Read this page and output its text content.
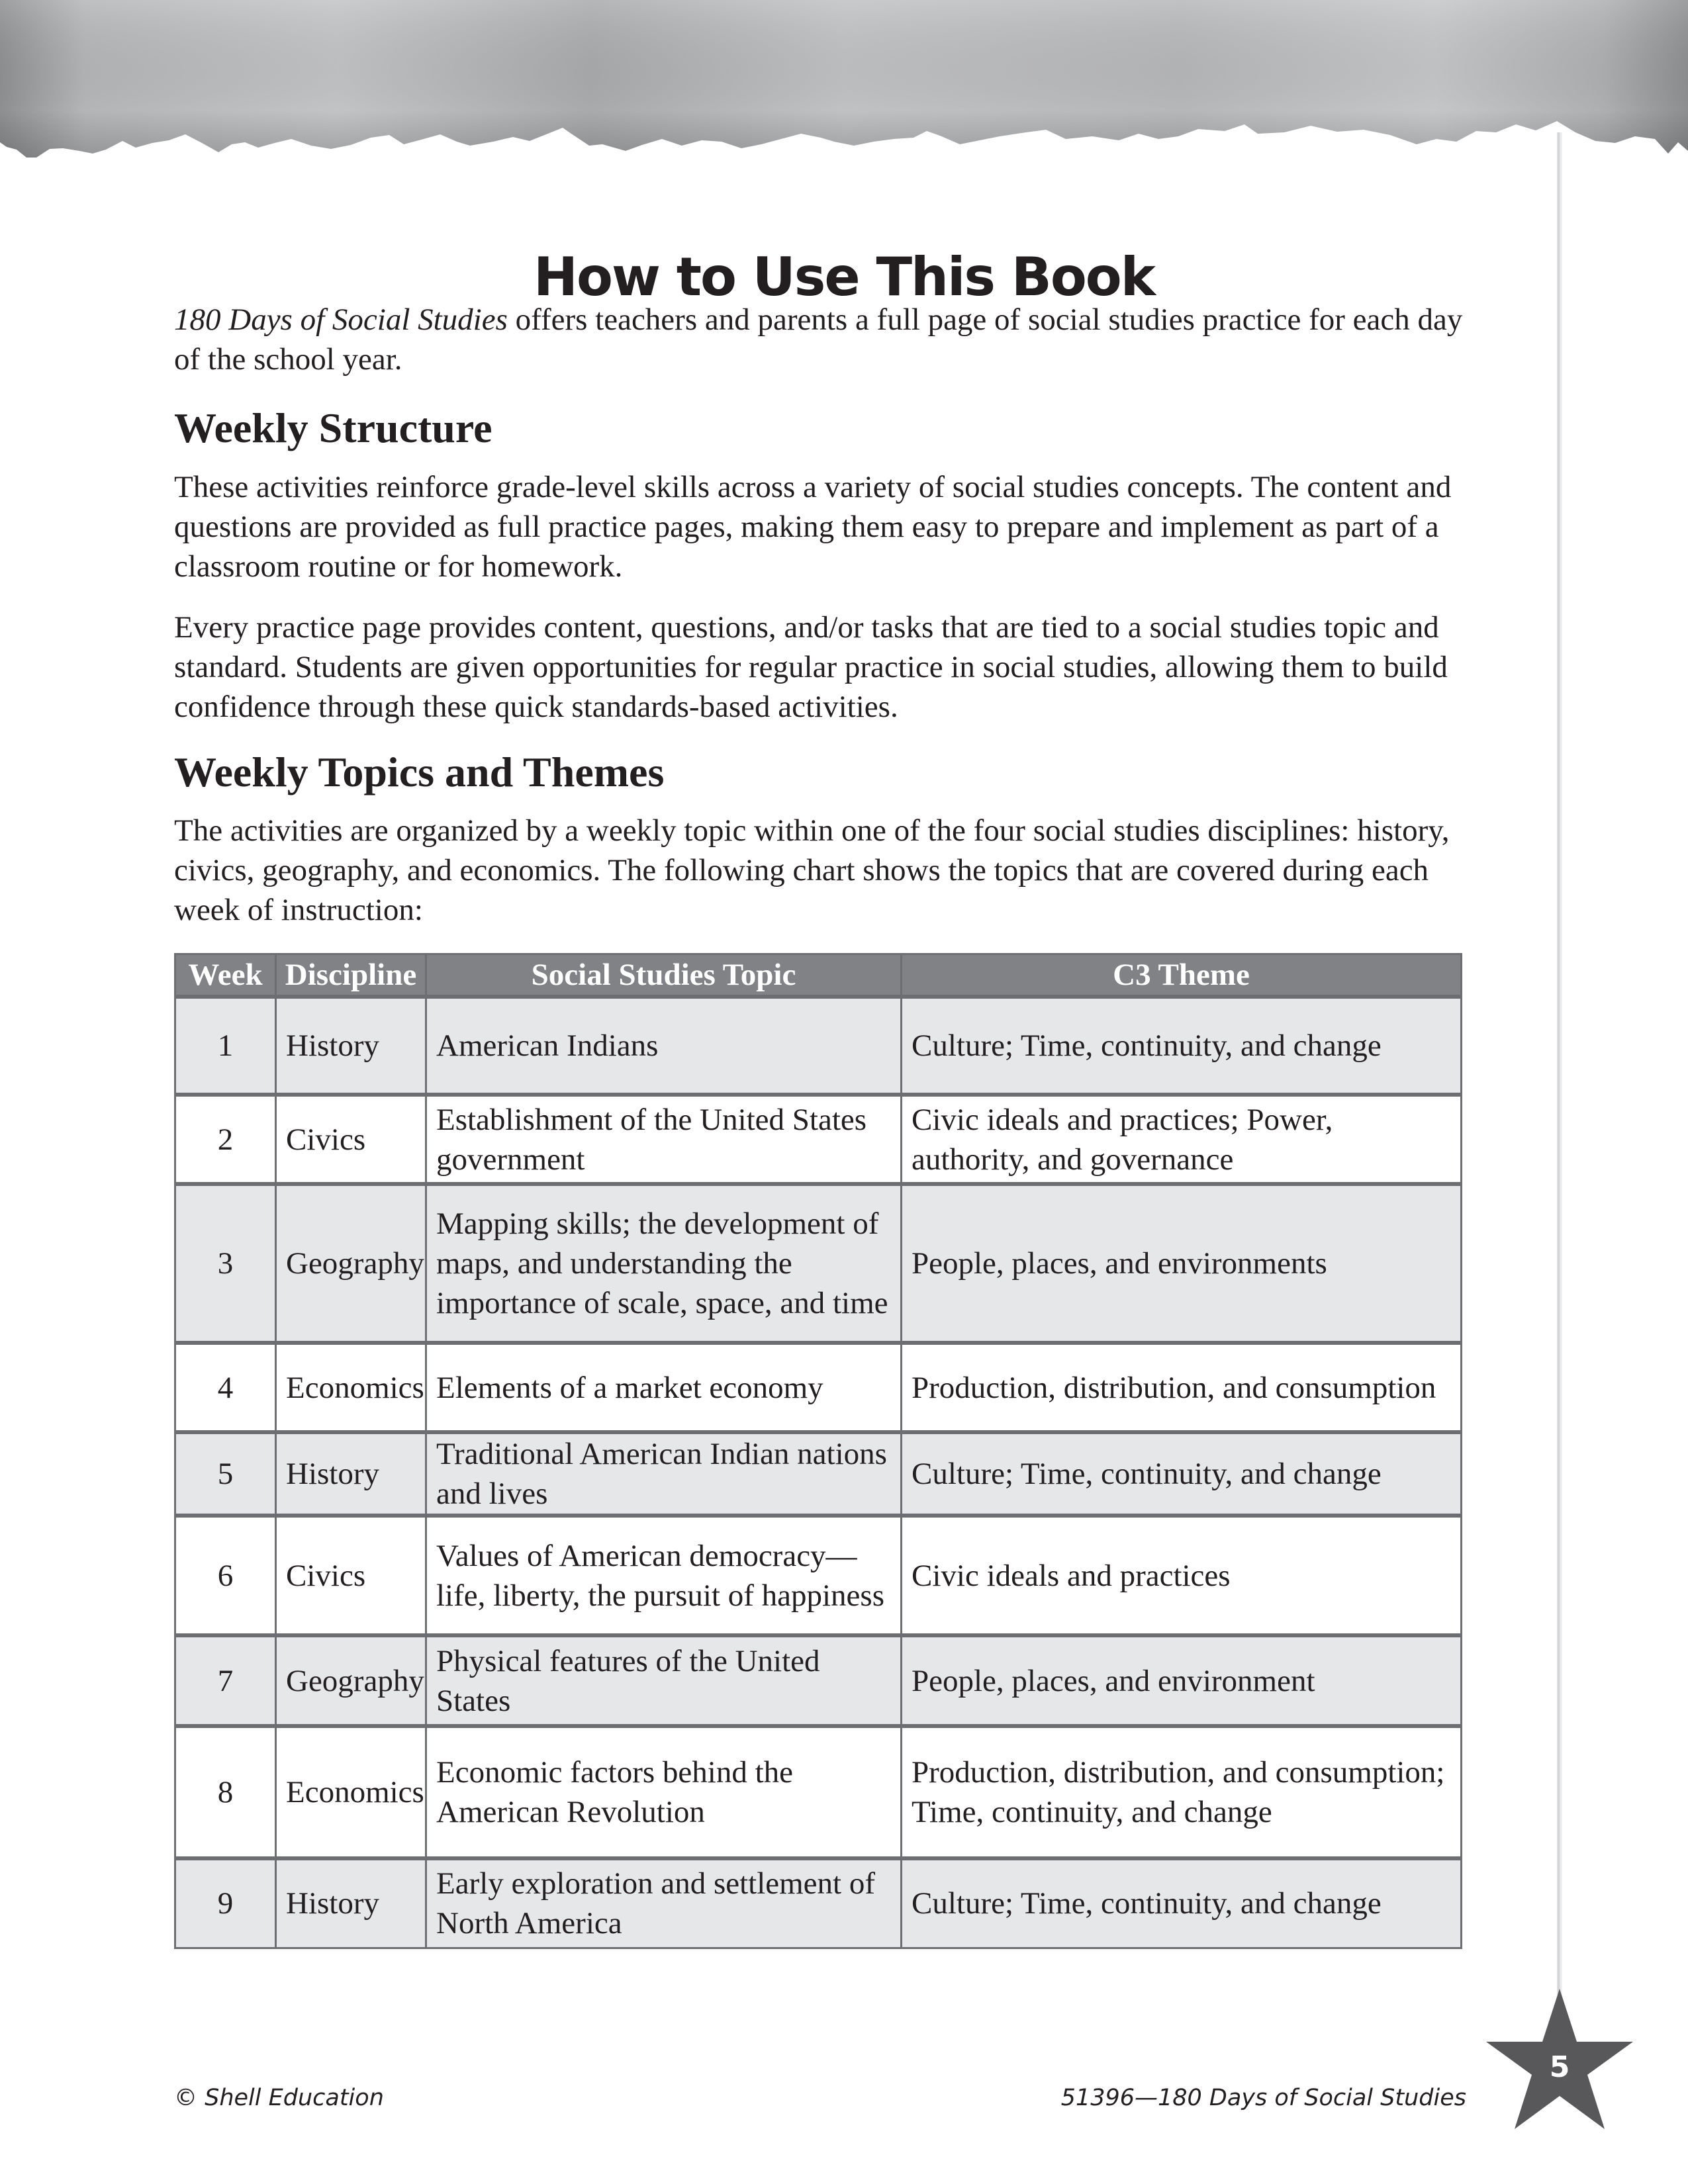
How to Use This Book

180 Days of Social Studies offers teachers and parents a full page of social studies practice for each day of the school year.

Weekly Structure

These activities reinforce grade-level skills across a variety of social studies concepts. The content and questions are provided as full practice pages, making them easy to prepare and implement as part of a classroom routine or for homework.

Every practice page provides content, questions, and/or tasks that are tied to a social studies topic and standard. Students are given opportunities for regular practice in social studies, allowing them to build confidence through these quick standards-based activities.

Weekly Topics and Themes

The activities are organized by a weekly topic within one of the four social studies disciplines: history, civics, geography, and economics. The following chart shows the topics that are covered during each week of instruction:

Week	Discipline	Social Studies Topic	C3 Theme
1	History	American Indians	Culture; Time, continuity, and change
2	Civics	Establishment of the United States government	Civic ideals and practices; Power, authority, and governance
3	Geography	Mapping skills; the development of maps, and understanding the importance of scale, space, and time	People, places, and environments
4	Economics	Elements of a market economy	Production, distribution, and consumption
5	History	Traditional American Indian nations and lives	Culture; Time, continuity, and change
6	Civics	Values of American democracy—life, liberty, the pursuit of happiness	Civic ideals and practices
7	Geography	Physical features of the United States	People, places, and environment
8	Economics	Economic factors behind the American Revolution	Production, distribution, and consumption; Time, continuity, and change
9	History	Early exploration and settlement of North America	Culture; Time, continuity, and change
© Shell Education	51396—180 Days of Social Studies
5
